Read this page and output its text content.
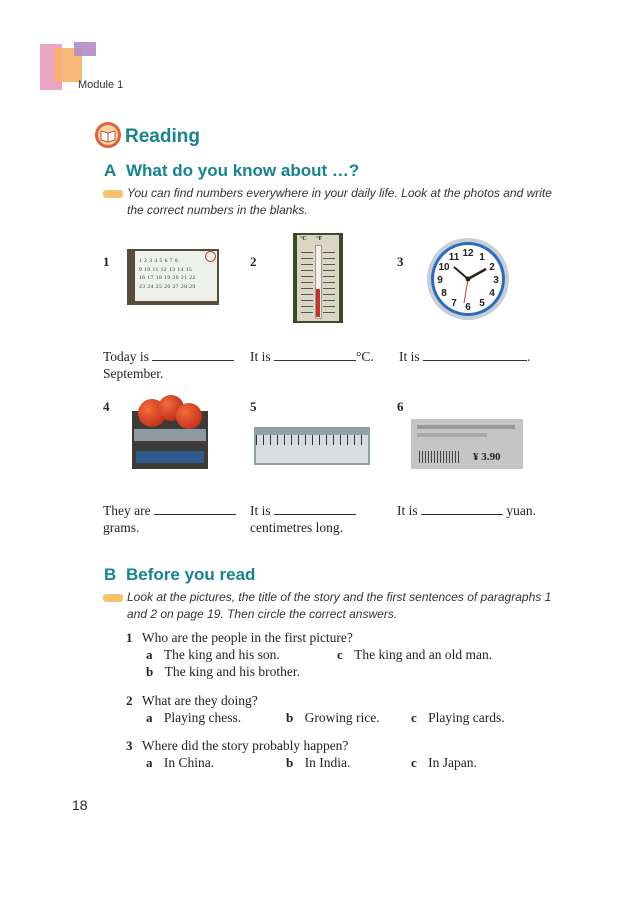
Module 1
Reading
A What do you know about …?
You can find numbers everywhere in your daily life. Look at the photos and write
the correct numbers in the blanks.
1	2	3
1 2 3 4 5 6 7 8
9 10 11 12 13 14 15
16 17 18 19 20 21 22
23 24 25 26 27 28 29
°C °F
12 1
2
3
4
5
6
7
8
9
10
11
Today is
September.
It is	°C. It is	.
4	5	6
¥ 3.90
They are
grams.
It is
centimetres long.
It is	yuan.
B Before you read
Look at the pictures, the title of the story and the first sentences of paragraphs 1
and 2 on page 19. Then circle the correct answers.
1 Who are the people in the first picture?
a The king and his son.	c The king and an old man.
b The king and his brother.
2 What are they doing?
a Playing chess.	b Growing rice. c Playing cards.
3 Where did the story probably happen?
a In China.	b In India.	c In Japan.
18
